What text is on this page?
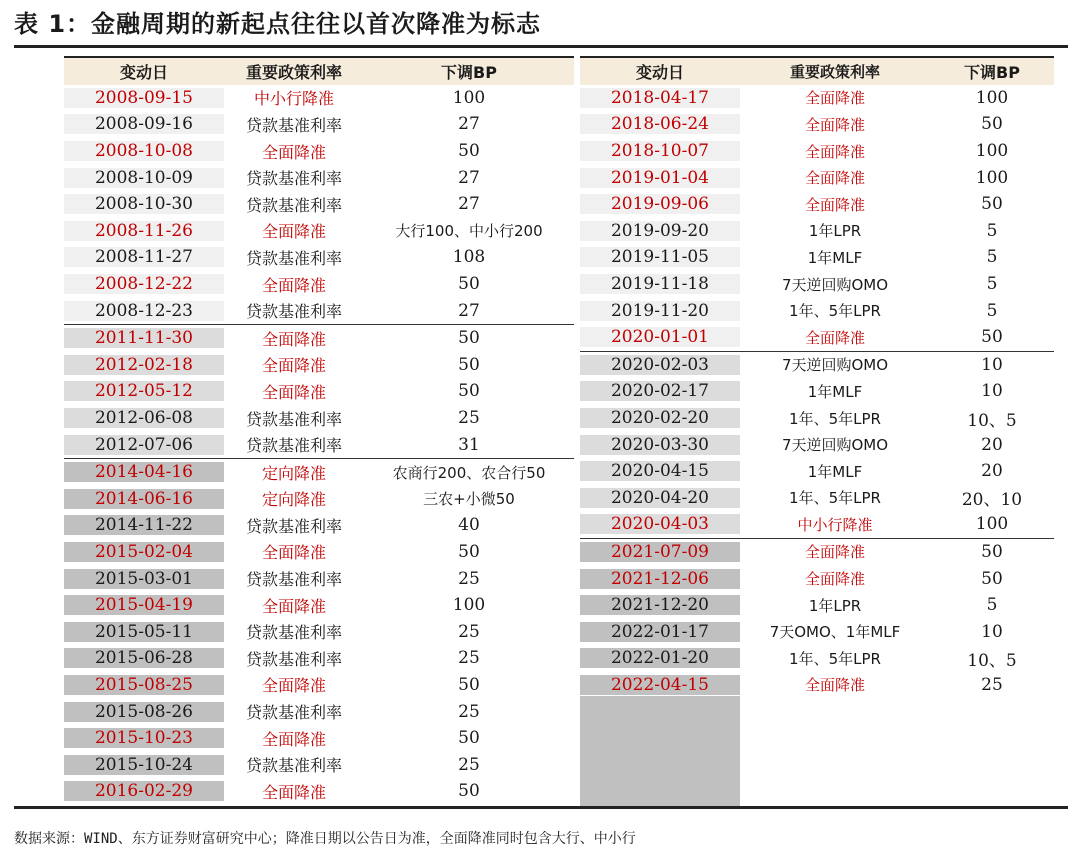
表 1：金融周期的新起点往往以首次降准为标志
变动日	重要政策利率	下调BP
2008-09-15	中小行降准	100
2008-09-16	贷款基准利率	27
2008-10-08	全面降准	50
2008-10-09	贷款基准利率	27
2008-10-30	贷款基准利率	27
2008-11-26	全面降准	大行100、中小行200
2008-11-27	贷款基准利率	108
2008-12-22	全面降准	50
2008-12-23	贷款基准利率	27
2011-11-30	全面降准	50
2012-02-18	全面降准	50
2012-05-12	全面降准	50
2012-06-08	贷款基准利率	25
2012-07-06	贷款基准利率	31
2014-04-16	定向降准	农商行200、农合行50
2014-06-16	定向降准	三农+小微50
2014-11-22	贷款基准利率	40
2015-02-04	全面降准	50
2015-03-01	贷款基准利率	25
2015-04-19	全面降准	100
2015-05-11	贷款基准利率	25
2015-06-28	贷款基准利率	25
2015-08-25	全面降准	50
2015-08-26	贷款基准利率	25
2015-10-23	全面降准	50
2015-10-24	贷款基准利率	25
2016-02-29	全面降准	50
变动日	重要政策利率	下调BP
2018-04-17	全面降准	100
2018-06-24	全面降准	50
2018-10-07	全面降准	100
2019-01-04	全面降准	100
2019-09-06	全面降准	50
2019-09-20	1年LPR	5
2019-11-05	1年MLF	5
2019-11-18	7天逆回购OMO	5
2019-11-20	1年、5年LPR	5
2020-01-01	全面降准	50
2020-02-03	7天逆回购OMO	10
2020-02-17	1年MLF	10
2020-02-20	1年、5年LPR	10、5
2020-03-30	7天逆回购OMO	20
2020-04-15	1年MLF	20
2020-04-20	1年、5年LPR	20、10
2020-04-03	中小行降准	100
2021-07-09	全面降准	50
2021-12-06	全面降准	50
2021-12-20	1年LPR	5
2022-01-17	7天OMO、1年MLF	10
2022-01-20	1年、5年LPR	10、5
2022-04-15	全面降准	25
数据来源：WIND、东方证券财富研究中心；降准日期以公告日为准，全面降准同时包含大行、中小行
